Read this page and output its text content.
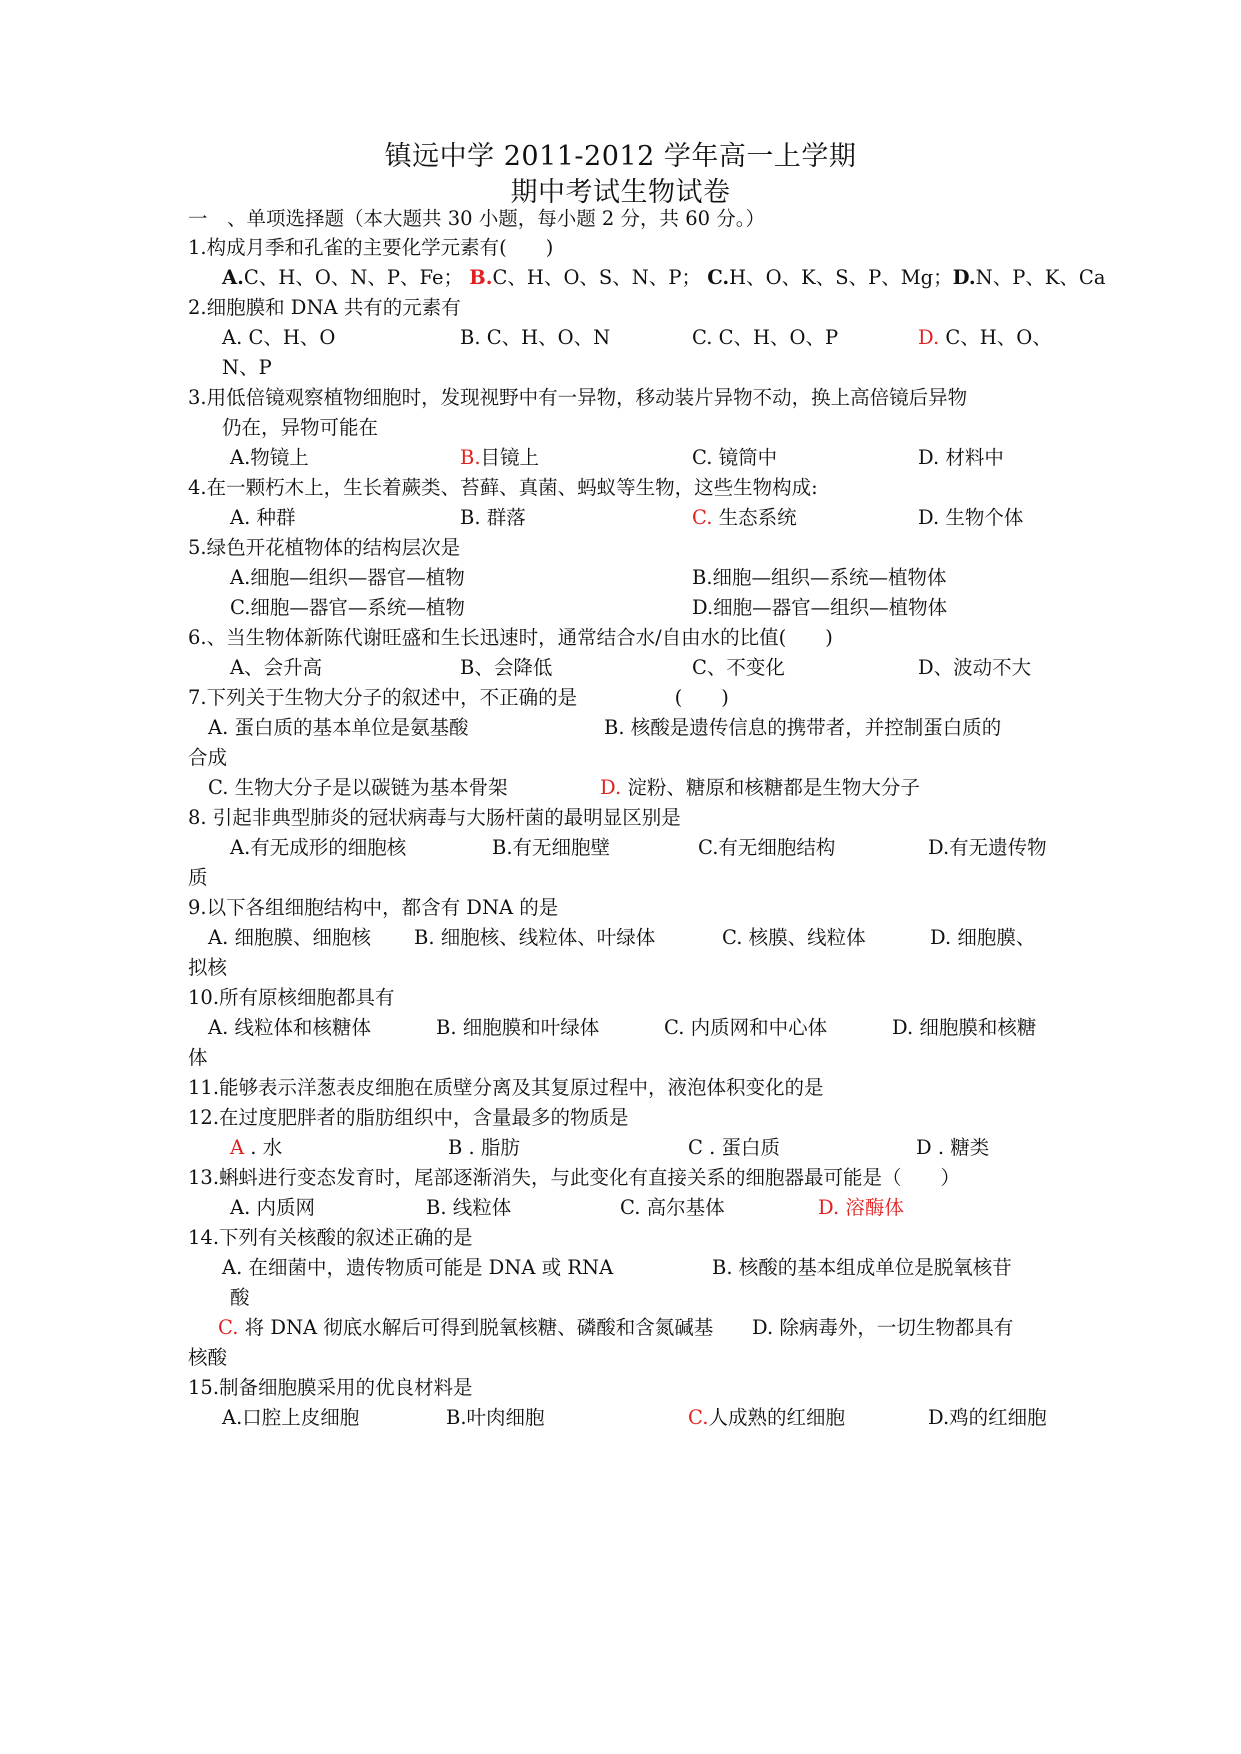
镇远中学 2011-2012 学年高一上学期
期中考试生物试卷
一　、单项选择题（本大题共 30 小题，每小题 2 分，共 60 分。）
1.构成月季和孔雀的主要化学元素有(　　)
A.C、H、O、N、P、Fe； B.C、H、O、S、N、P； C.H、O、K、S、P、Mg；D.N、P、K、Ca
2.细胞膜和 DNA 共有的元素有
A. C、H、O	B. C、H、O、N	C. C、H、O、P	D. C、H、O、
N、P
3.用低倍镜观察植物细胞时，发现视野中有一异物，移动装片异物不动，换上高倍镜后异物
仍在，异物可能在
A.物镜上	B.目镜上	C. 镜筒中	D. 材料中
4.在一颗朽木上，生长着蕨类、苔藓、真菌、蚂蚁等生物，这些生物构成:
A. 种群	B. 群落	C. 生态系统	D. 生物个体
5.绿色开花植物体的结构层次是
A.细胞—组织—器官—植物	B.细胞—组织—系统—植物体
C.细胞—器官—系统—植物	D.细胞—器官—组织—植物体
6.、当生物体新陈代谢旺盛和生长迅速时，通常结合水/自由水的比值(　　)
A、会升高	B、会降低	C、不变化	D、波动不大
7.下列关于生物大分子的叙述中，不正确的是　　　　　(　　)
A. 蛋白质的基本单位是氨基酸	B. 核酸是遗传信息的携带者，并控制蛋白质的
合成
C. 生物大分子是以碳链为基本骨架	D. 淀粉、糖原和核糖都是生物大分子
8. 引起非典型肺炎的冠状病毒与大肠杆菌的最明显区别是
A.有无成形的细胞核	B.有无细胞壁	C.有无细胞结构	D.有无遗传物
质
9.以下各组细胞结构中，都含有 DNA 的是
A. 细胞膜、细胞核 B. 细胞核、线粒体、叶绿体	C. 核膜、线粒体	D. 细胞膜、
拟核
10.所有原核细胞都具有
A. 线粒体和核糖体	B. 细胞膜和叶绿体	C. 内质网和中心体	D. 细胞膜和核糖
体
11.能够表示洋葱表皮细胞在质壁分离及其复原过程中，液泡体积变化的是
12.在过度肥胖者的脂肪组织中，含量最多的物质是
A . 水	B . 脂肪	C . 蛋白质	D . 糖类
13.蝌蚪进行变态发育时，尾部逐渐消失，与此变化有直接关系的细胞器最可能是（　　）
A. 内质网	B. 线粒体	C. 高尔基体	D. 溶酶体
14.下列有关核酸的叙述正确的是
A. 在细菌中，遗传物质可能是 DNA 或 RNA	B. 核酸的基本组成单位是脱氧核苷
酸
C. 将 DNA 彻底水解后可得到脱氧核糖、磷酸和含氮碱基 D. 除病毒外，一切生物都具有
核酸
15.制备细胞膜采用的优良材料是
A.口腔上皮细胞	B.叶肉细胞	C.人成熟的红细胞	D.鸡的红细胞
